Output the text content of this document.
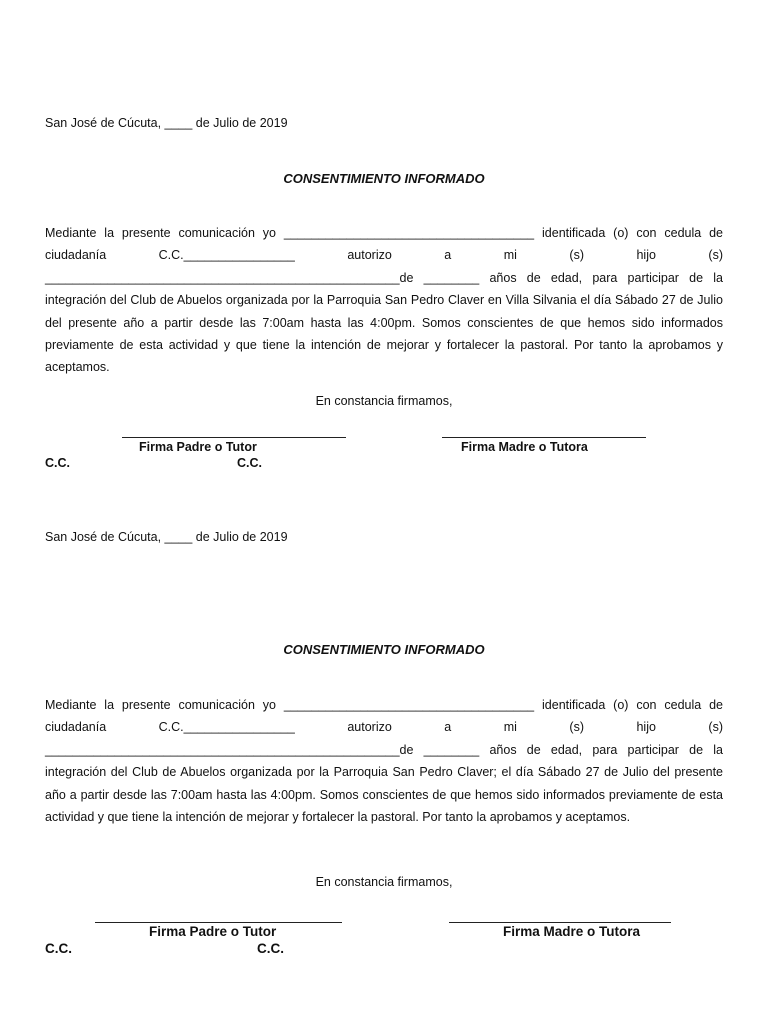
San José de Cúcuta, ____ de Julio de 2019
CONSENTIMIENTO INFORMADO
Mediante la presente comunicación yo ____________________________________ identificada (o) con cedula de
ciudadanía C.C.________________ autorizo a mi (s) hijo (s)
___________________________________________________de ________ años de edad, para participar de la
integración del Club de Abuelos organizada por la Parroquia San Pedro Claver en Villa Silvania el día Sábado 27 de Julio
del presente año a partir desde las 7:00am hasta las 4:00pm. Somos conscientes de que hemos sido informados
previamente de esta actividad y que tiene la intención de mejorar y fortalecer la pastoral. Por tanto la aprobamos y
aceptamos.
En constancia firmamos,
Firma Padre o Tutor	Firma Madre o Tutora
C.C.	C.C.
San José de Cúcuta, ____ de Julio de 2019
CONSENTIMIENTO INFORMADO
Mediante la presente comunicación yo ____________________________________ identificada (o) con cedula de
ciudadanía C.C.________________ autorizo a mi (s) hijo (s)
___________________________________________________de ________ años de edad, para participar de la
integración del Club de Abuelos organizada por la Parroquia San Pedro Claver; el día Sábado 27 de Julio del presente
año a partir desde las 7:00am hasta las 4:00pm. Somos conscientes de que hemos sido informados previamente de esta
actividad y que tiene la intención de mejorar y fortalecer la pastoral. Por tanto la aprobamos y aceptamos.
En constancia firmamos,
Firma Padre o Tutor	Firma Madre o Tutora
C.C.	C.C.
